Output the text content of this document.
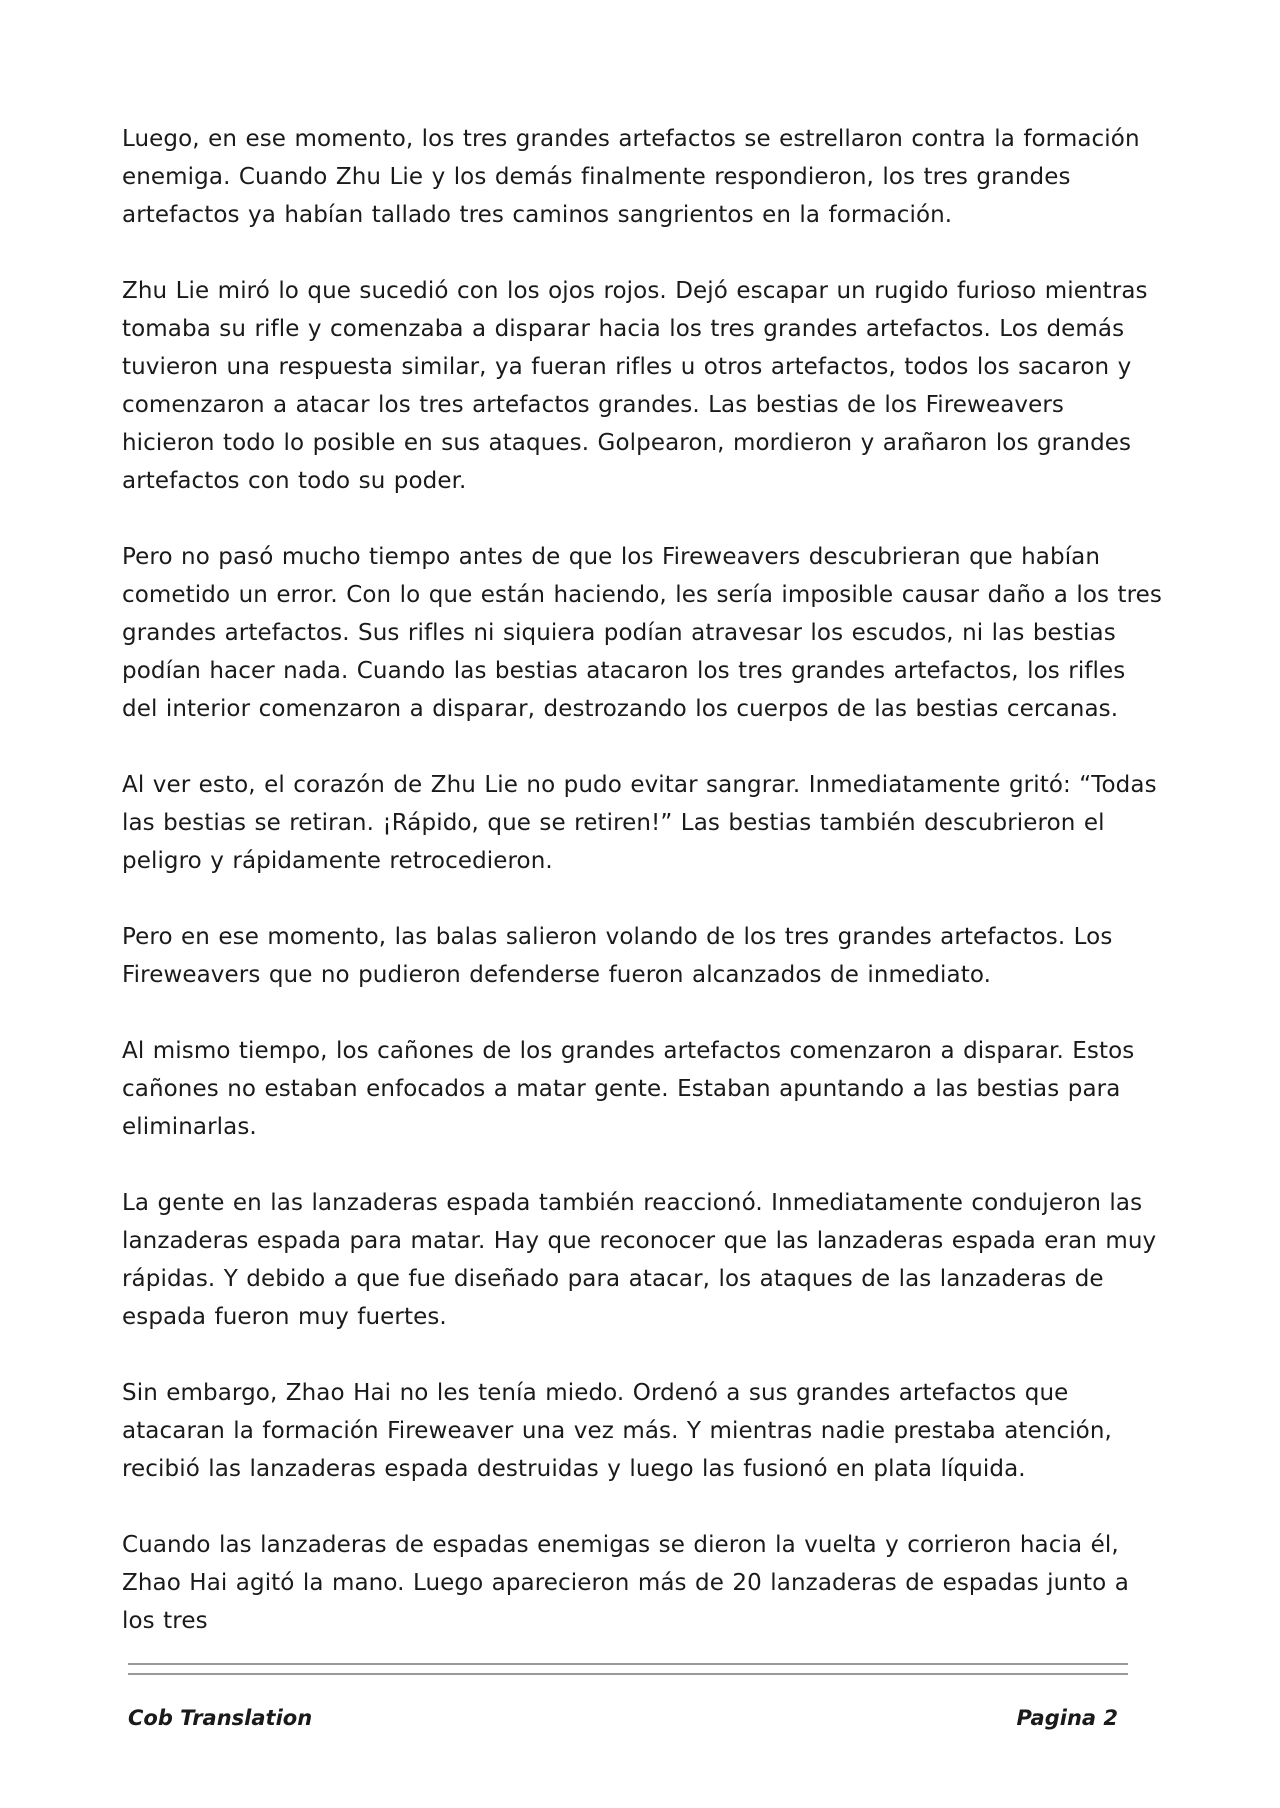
Luego, en ese momento, los tres grandes artefactos se estrellaron contra la formación enemiga. Cuando Zhu Lie y los demás finalmente respondieron, los tres grandes artefactos ya habían tallado tres caminos sangrientos en la formación.

Zhu Lie miró lo que sucedió con los ojos rojos. Dejó escapar un rugido furioso mientras tomaba su rifle y comenzaba a disparar hacia los tres grandes artefactos. Los demás tuvieron una respuesta similar, ya fueran rifles u otros artefactos, todos los sacaron y comenzaron a atacar los tres artefactos grandes. Las bestias de los Fireweavers hicieron todo lo posible en sus ataques. Golpearon, mordieron y arañaron los grandes artefactos con todo su poder.

Pero no pasó mucho tiempo antes de que los Fireweavers descubrieran que habían cometido un error. Con lo que están haciendo, les sería imposible causar daño a los tres grandes artefactos. Sus rifles ni siquiera podían atravesar los escudos, ni las bestias podían hacer nada. Cuando las bestias atacaron los tres grandes artefactos, los rifles del interior comenzaron a disparar, destrozando los cuerpos de las bestias cercanas.

Al ver esto, el corazón de Zhu Lie no pudo evitar sangrar. Inmediatamente gritó: “Todas las bestias se retiran. ¡Rápido, que se retiren!” Las bestias también descubrieron el peligro y rápidamente retrocedieron.

Pero en ese momento, las balas salieron volando de los tres grandes artefactos. Los Fireweavers que no pudieron defenderse fueron alcanzados de inmediato.

Al mismo tiempo, los cañones de los grandes artefactos comenzaron a disparar. Estos cañones no estaban enfocados a matar gente. Estaban apuntando a las bestias para eliminarlas.

La gente en las lanzaderas espada también reaccionó. Inmediatamente condujeron las lanzaderas espada para matar. Hay que reconocer que las lanzaderas espada eran muy rápidas. Y debido a que fue diseñado para atacar, los ataques de las lanzaderas de espada fueron muy fuertes.

Sin embargo, Zhao Hai no les tenía miedo. Ordenó a sus grandes artefactos que atacaran la formación Fireweaver una vez más. Y mientras nadie prestaba atención, recibió las lanzaderas espada destruidas y luego las fusionó en plata líquida.

Cuando las lanzaderas de espadas enemigas se dieron la vuelta y corrieron hacia él, Zhao Hai agitó la mano. Luego aparecieron más de 20 lanzaderas de espadas junto a los tres

Cob Translation	Pagina 2
